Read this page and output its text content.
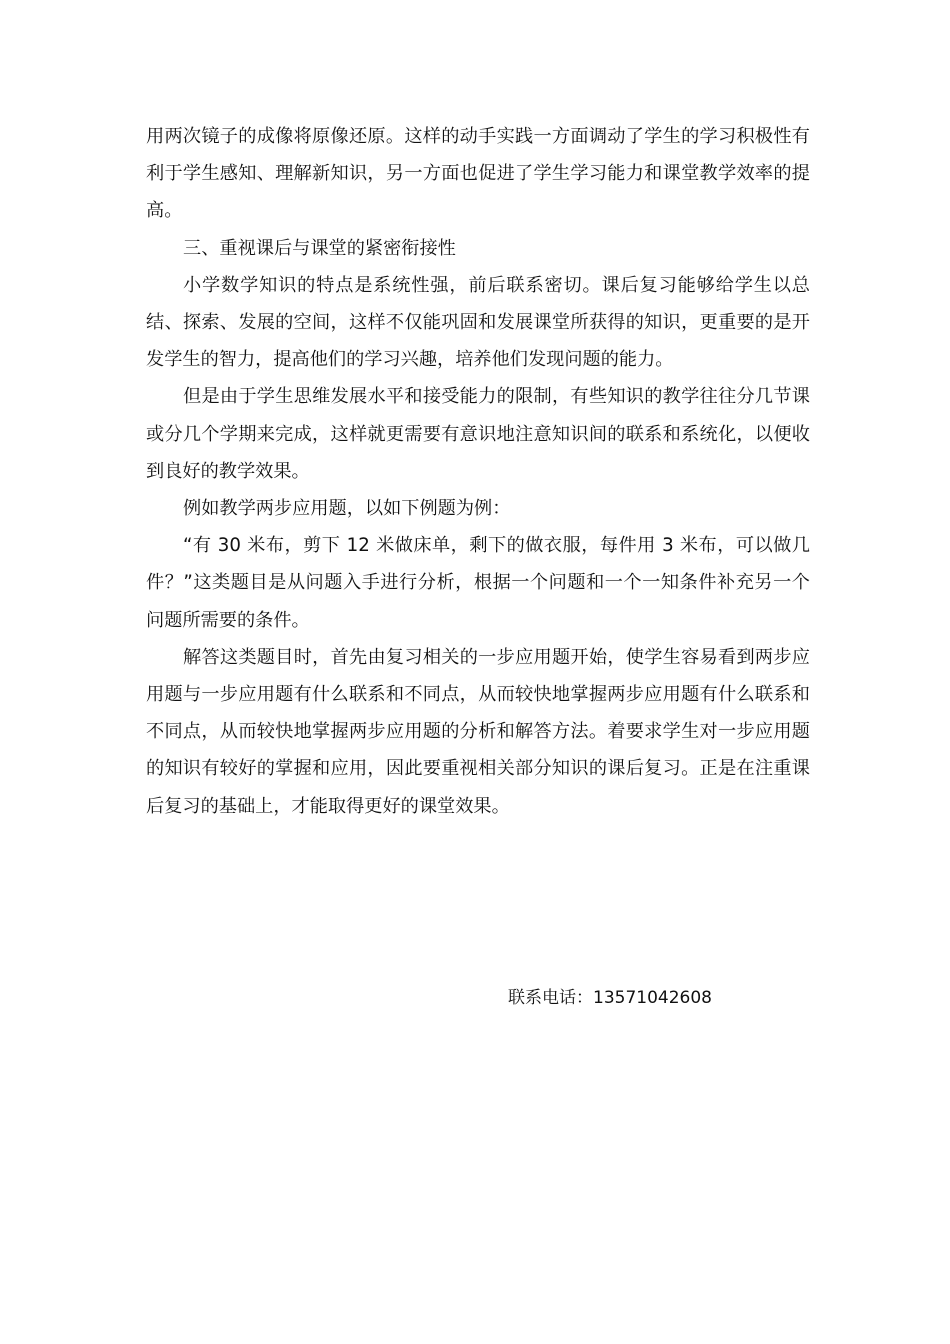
用两次镜子的成像将原像还原。这样的动手实践一方面调动了学生的学习积极性有利于学生感知、理解新知识，另一方面也促进了学生学习能力和课堂教学效率的提高。

三、重视课后与课堂的紧密衔接性

小学数学知识的特点是系统性强，前后联系密切。课后复习能够给学生以总结、探索、发展的空间，这样不仅能巩固和发展课堂所获得的知识，更重要的是开发学生的智力，提高他们的学习兴趣，培养他们发现问题的能力。

但是由于学生思维发展水平和接受能力的限制，有些知识的教学往往分几节课或分几个学期来完成，这样就更需要有意识地注意知识间的联系和系统化，以便收到良好的教学效果。

例如教学两步应用题，以如下例题为例：

“有 30 米布，剪下 12 米做床单，剩下的做衣服，每件用 3 米布，可以做几件？”这类题目是从问题入手进行分析，根据一个问题和一个一知条件补充另一个问题所需要的条件。

解答这类题目时，首先由复习相关的一步应用题开始，使学生容易看到两步应用题与一步应用题有什么联系和不同点，从而较快地掌握两步应用题有什么联系和不同点，从而较快地掌握两步应用题的分析和解答方法。着要求学生对一步应用题的知识有较好的掌握和应用，因此要重视相关部分知识的课后复习。正是在注重课后复习的基础上，才能取得更好的课堂效果。

联系电话：13571042608
